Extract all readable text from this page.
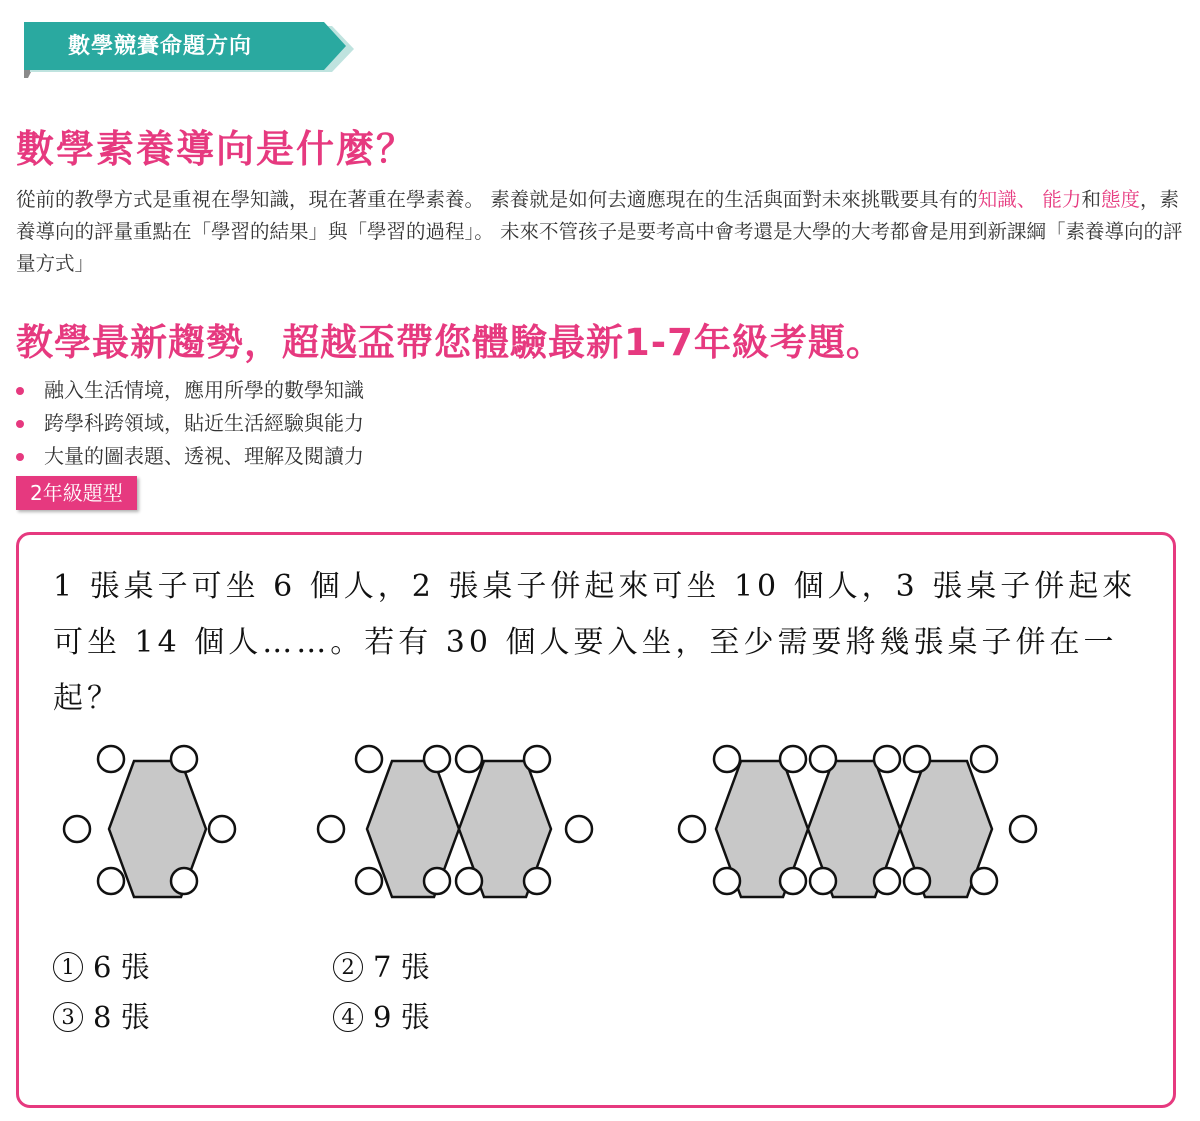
數學競賽命題方向
數學素養導向是什麼？
從前的教學方式是重視在學知識，現在著重在學素養。 素養就是如何去適應現在的生活與面對未來挑戰要具有的知識、 能力和態度，素養導向的評量重點在「學習的結果」與「學習的過程」。 未來不管孩子是要考高中會考還是大學的大考都會是用到新課綱「素養導向的評量方式」
教學最新趨勢，超越盃帶您體驗最新1-7年級考題。
融入生活情境，應用所學的數學知識
跨學科跨領域，貼近生活經驗與能力
大量的圖表題、透視、理解及閱讀力
2年級題型
1 張桌子可坐 6 個人，2 張桌子併起來可坐 10 個人，3 張桌子併起來可坐 14 個人……。若有 30 個人要入坐，至少需要將幾張桌子併在一起？
1 6 張	2 7 張
3 8 張	4 9 張
